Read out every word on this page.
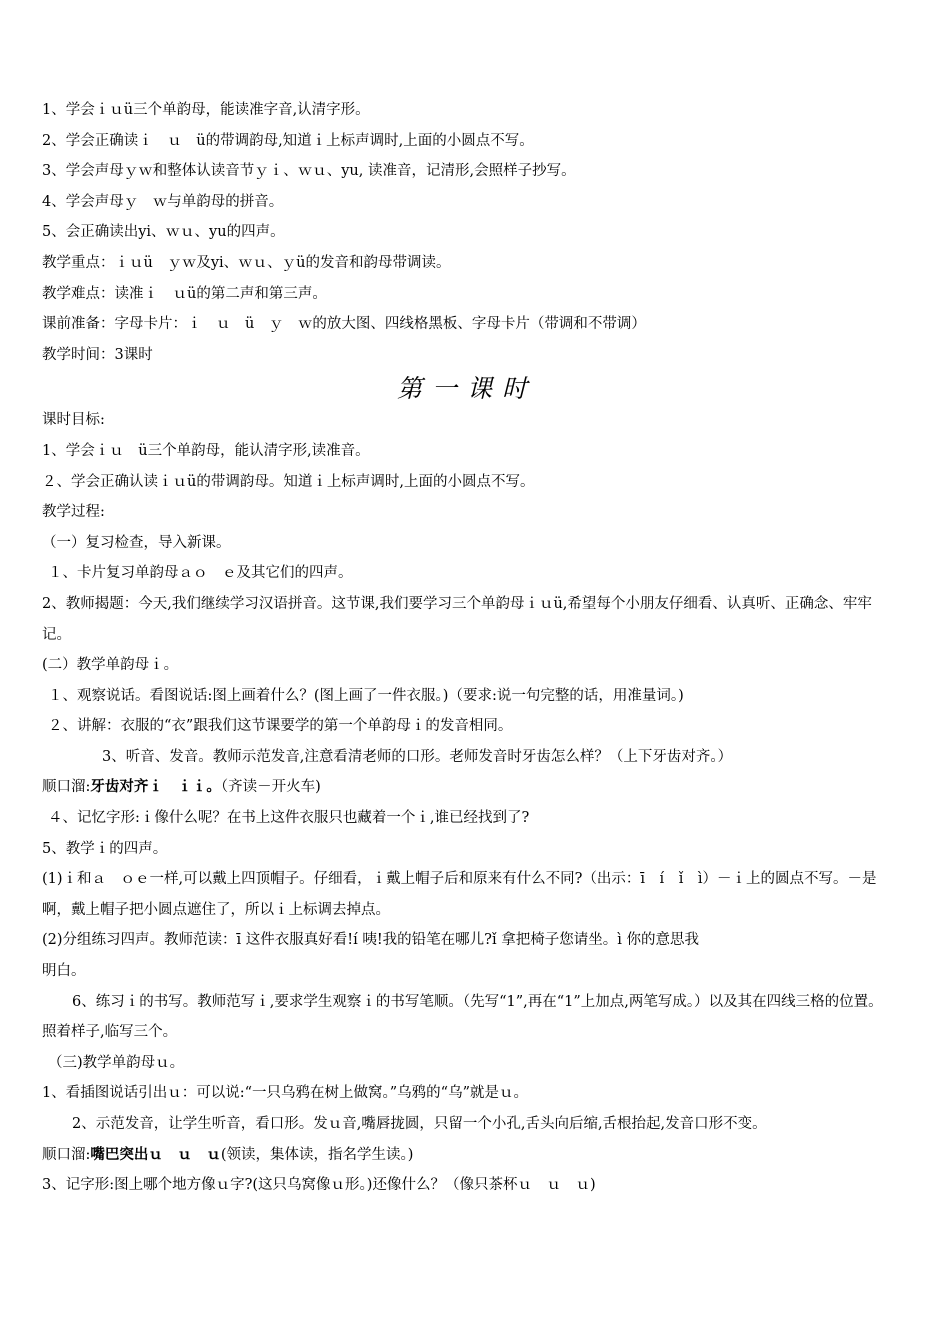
1、学会ｉｕü三个单韵母，能读准字音,认清字形。
2、学会正确读ｉ　ｕ　ü的带调韵母,知道ｉ上标声调时,上面的小圆点不写。
3、学会声母ｙｗ和整体认读音节ｙｉ、ｗｕ、yu, 读准音，记清形,会照样子抄写。
4、学会声母ｙ　ｗ与单韵母的拼音。
5、会正确读出yi、ｗｕ、yu的四声。
教学重点：ｉｕü　ｙｗ及yi、ｗｕ、ｙü的发音和韵母带调读。
教学难点：读准ｉ　ｕü的第二声和第三声。
课前准备：字母卡片：ｉ　ｕ　ü　ｙ　ｗ的放大图、四线格黑板、字母卡片（带调和不带调）
教学时间：3课时
第一课时
课时目标:
1、学会ｉｕ　ü三个单韵母，能认清字形,读准音。
２、学会正确认读ｉｕü的带调韵母。知道ｉ上标声调时,上面的小圆点不写。
教学过程:
（一）复习检查，导入新课。
１、卡片复习单韵母ａｏ　ｅ及其它们的四声。
2、教师揭题：今天,我们继续学习汉语拼音。这节课,我们要学习三个单韵母ｉｕü,希望每个小朋友仔细看、认真听、正确念、牢牢记。
(二）教学单韵母ｉ。
１、观察说话。看图说话:图上画着什么？(图上画了一件衣服。)（要求:说一句完整的话，用准量词。)
２、讲解：衣服的“衣”跟我们这节课要学的第一个单韵母ｉ的发音相同。
3、听音、发音。教师示范发音,注意看清老师的口形。老师发音时牙齿怎么样？（上下牙齿对齐。）
顺口溜:牙齿对齐ｉ　ｉｉ。（齐读－开火车)
４、记忆字形:ｉ像什么呢？在书上这件衣服只也藏着一个ｉ,谁已经找到了?
5、教学ｉ的四声。
(1)ｉ和ａ　ｏｅ一样,可以戴上四顶帽子。仔细看，ｉ戴上帽子后和原来有什么不同?（出示：ī　í　ǐ　ì）－ｉ上的圆点不写。－是啊，戴上帽子把小圆点遮住了，所以ｉ上标调去掉点。
(2)分组练习四声。教师范读：ī 这件衣服真好看!í 咦!我的铅笔在哪儿?ǐ 拿把椅子您请坐。ì 你的意思我
明白。
6、练习ｉ的书写。教师范写ｉ,要求学生观察ｉ的书写笔顺。（先写“1”,再在“1”上加点,两笔写成。）以及其在四线三格的位置。照着样子,临写三个。
（三)教学单韵母ｕ。
1、看插图说话引出ｕ：可以说:“一只乌鸦在树上做窝。”乌鸦的“乌”就是ｕ。
2、示范发音，让学生听音，看口形。发ｕ音,嘴唇拢圆，只留一个小孔,舌头向后缩,舌根抬起,发音口形不变。
顺口溜:嘴巴突出ｕ　ｕ　ｕ(领读，集体读，指名学生读。)
3、记字形:图上哪个地方像ｕ字?(这只乌窝像ｕ形。)还像什么？（像只茶杯ｕ　ｕ　ｕ)
